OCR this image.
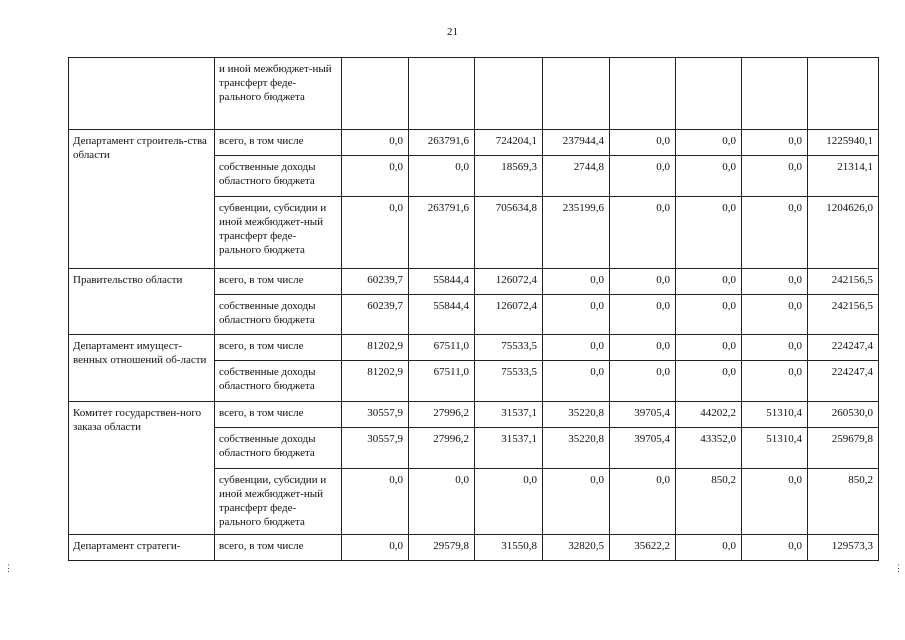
21
	и иной межбюджет-ный трансферт феде-рального бюджета								
Департамент строитель-ства области	всего, в том числе	0,0	263791,6	724204,1	237944,4	0,0	0,0	0,0	1225940,1
	собственные доходы областного бюджета	0,0	0,0	18569,3	2744,8	0,0	0,0	0,0	21314,1
	субвенции, субсидии и иной межбюджет-ный трансферт феде-рального бюджета	0,0	263791,6	705634,8	235199,6	0,0	0,0	0,0	1204626,0
Правительство области	всего, в том числе	60239,7	55844,4	126072,4	0,0	0,0	0,0	0,0	242156,5
	собственные доходы областного бюджета	60239,7	55844,4	126072,4	0,0	0,0	0,0	0,0	242156,5
Департамент имущест-венных отношений об-ласти	всего, в том числе	81202,9	67511,0	75533,5	0,0	0,0	0,0	0,0	224247,4
	собственные доходы областного бюджета	81202,9	67511,0	75533,5	0,0	0,0	0,0	0,0	224247,4
Комитет государствен-ного заказа области	всего, в том числе	30557,9	27996,2	31537,1	35220,8	39705,4	44202,2	51310,4	260530,0
	собственные доходы областного бюджета	30557,9	27996,2	31537,1	35220,8	39705,4	43352,0	51310,4	259679,8
	субвенции, субсидии и иной межбюджет-ный трансферт феде-рального бюджета	0,0	0,0	0,0	0,0	0,0	850,2	0,0	850,2
Департамент стратеги-	всего, в том числе	0,0	29579,8	31550,8	32820,5	35622,2	0,0	0,0	129573,3
⋮	⋮
